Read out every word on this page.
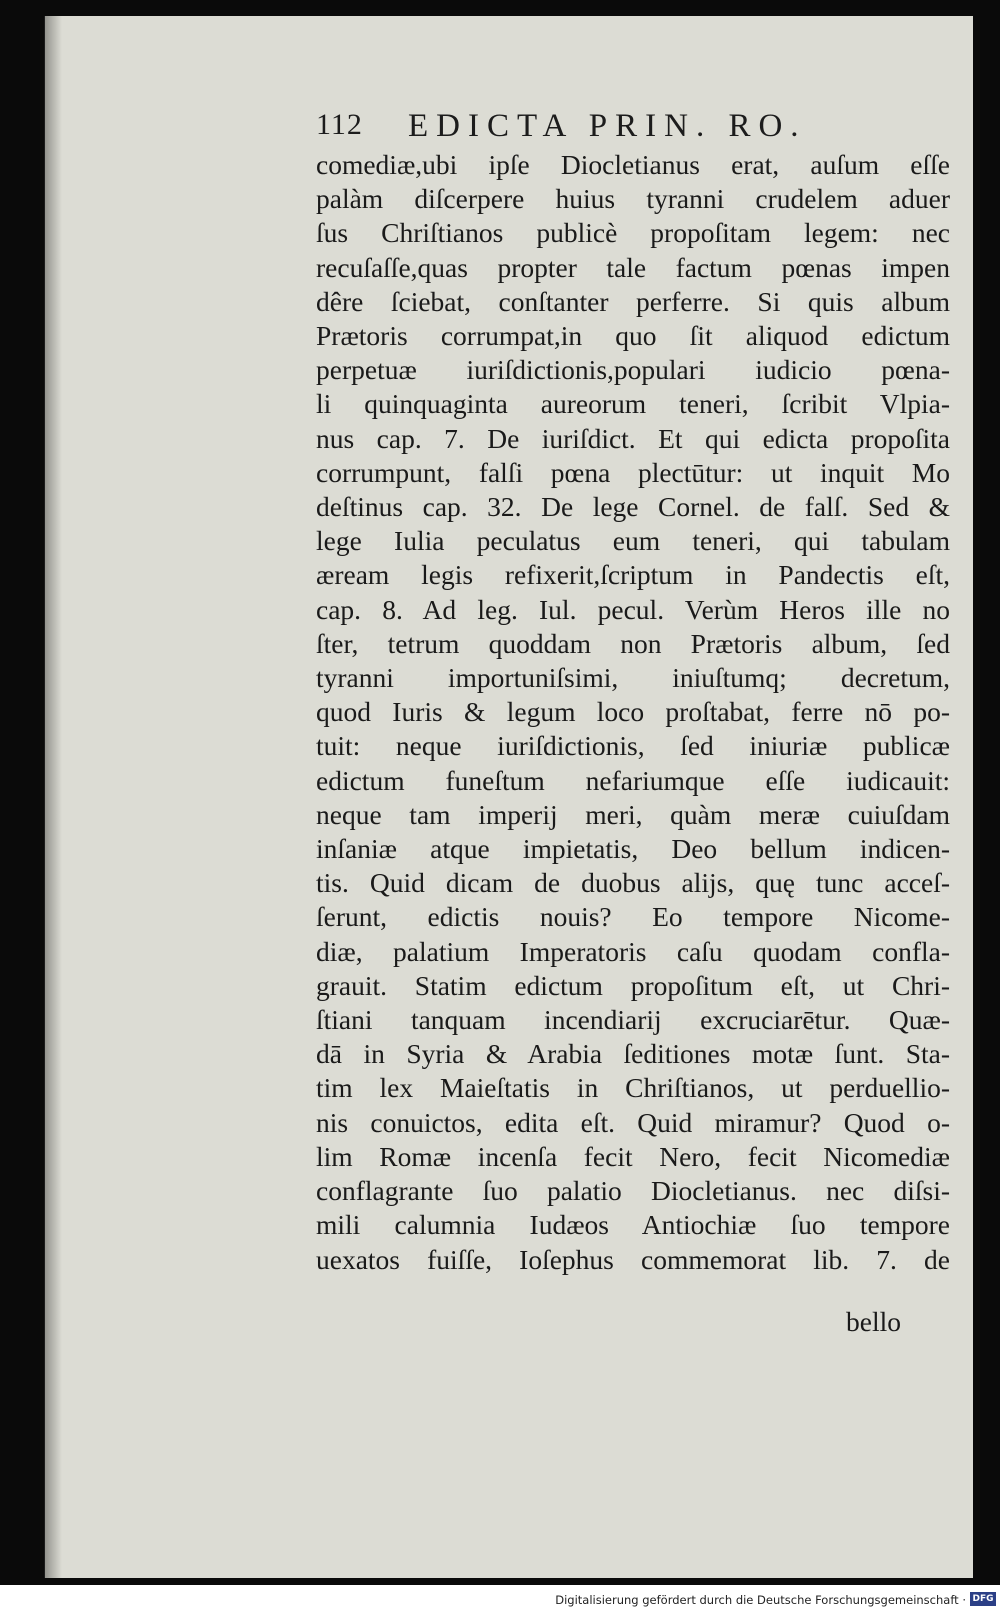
112 EDICTA PRIN. RO.
comediæ,ubi ipſe Diocletianus erat, auſum eſſe
palàm diſcerpere huius tyranni crudelem aduer
ſus Chriſtianos publicè propoſitam legem: nec
recuſaſſe,quas propter tale factum pœnas impen
dêre ſciebat, conſtanter perferre. Si quis album
Prætoris corrumpat,in quo ſit aliquod edictum
perpetuæ iuriſdictionis,populari iudicio pœna-
li quinquaginta aureorum teneri, ſcribit Vlpia-
nus cap. 7. De iuriſdict. Et qui edicta propoſita
corrumpunt, falſi pœna plectūtur: ut inquit Mo
deſtinus cap. 32. De lege Cornel. de falſ. Sed &
lege Iulia peculatus eum teneri, qui tabulam
æream legis refixerit,ſcriptum in Pandectis eſt,
cap. 8. Ad leg. Iul. pecul. Verùm Heros ille no
ſter, tetrum quoddam non Prætoris album, ſed
tyranni importuniſsimi, iniuſtumq; decretum,
quod Iuris & legum loco proſtabat, ferre nō po-
tuit: neque iuriſdictionis, ſed iniuriæ publicæ
edictum funeſtum nefariumque eſſe iudicauit:
neque tam imperij meri, quàm meræ cuiuſdam
inſaniæ atque impietatis, Deo bellum indicen-
tis. Quid dicam de duobus alijs, quę tunc acceſ-
ſerunt, edictis nouis? Eo tempore Nicome-
diæ, palatium Imperatoris caſu quodam confla-
grauit. Statim edictum propoſitum eſt, ut Chri-
ſtiani tanquam incendiarij excruciarētur. Quæ-
dā in Syria & Arabia ſeditiones motæ ſunt. Sta-
tim lex Maieſtatis in Chriſtianos, ut perduellio-
nis conuictos, edita eſt. Quid miramur? Quod o-
lim Romæ incenſa fecit Nero, fecit Nicomediæ
conflagrante ſuo palatio Diocletianus. nec diſsi-
mili calumnia Iudæos Antiochiæ ſuo tempore
uexatos fuiſſe, Ioſephus commemorat lib. 7. de
bello
Digitalisierung gefördert durch die Deutsche Forschungsgemeinschaft · DFG
